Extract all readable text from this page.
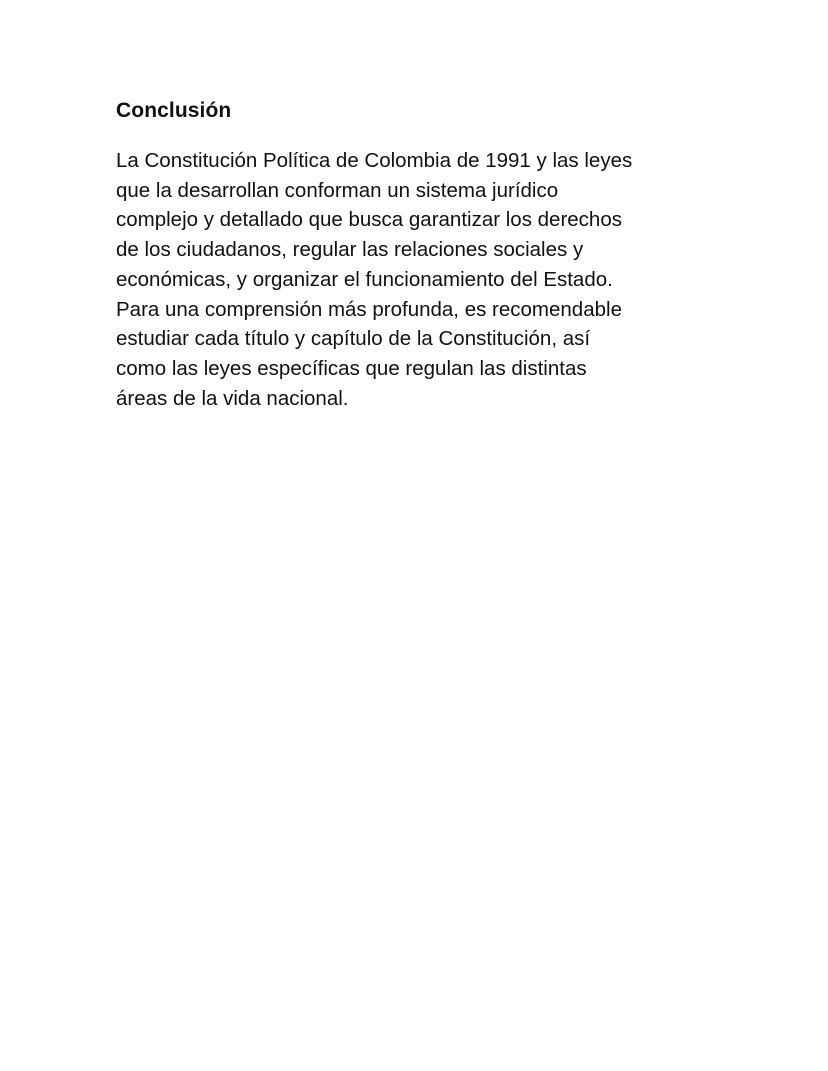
Conclusión

La Constitución Política de Colombia de 1991 y las leyes
que la desarrollan conforman un sistema jurídico
complejo y detallado que busca garantizar los derechos
de los ciudadanos, regular las relaciones sociales y
económicas, y organizar el funcionamiento del Estado.
Para una comprensión más profunda, es recomendable
estudiar cada título y capítulo de la Constitución, así
como las leyes específicas que regulan las distintas
áreas de la vida nacional.
